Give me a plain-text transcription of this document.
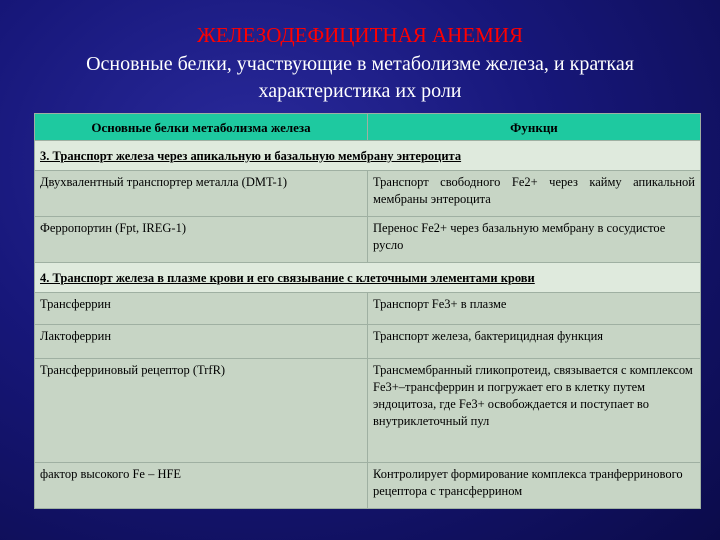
ЖЕЛЕЗОДЕФИЦИТНАЯ АНЕМИЯ
Основные белки, участвующие в метаболизме железа, и краткая характеристика их роли
Основные белки метаболизма железа	Функци
3. Транспорт железа через апикальную и базальную мембрану энтероцита	
Двухвалентный транспортер металла (DMT-1)	Транспорт свободного Fe2+ через кайму апикальной мембраны энтероцита
Ферропортин (Fpt, IREG-1)	Перенос Fe2+ через базальную мембрану в сосудистое русло
4. Транспорт железа в плазме крови и его связывание с клеточными элементами крови	
Трансферрин	Транспорт Fe3+ в плазме
Лактоферрин	Транспорт железа, бактерицидная функция
Трансферриновый рецептор (TrfR)	Трансмембранный гликопротеид, связывается с комплексом Fe3+–трансферрин и погружает его в клетку путем эндоцитоза, где Fe3+ освобождается и поступает во внутриклеточный пул
фактор высокого Fe – HFE	Контролирует формирование комплекса транферринового рецептора с трансферрином
